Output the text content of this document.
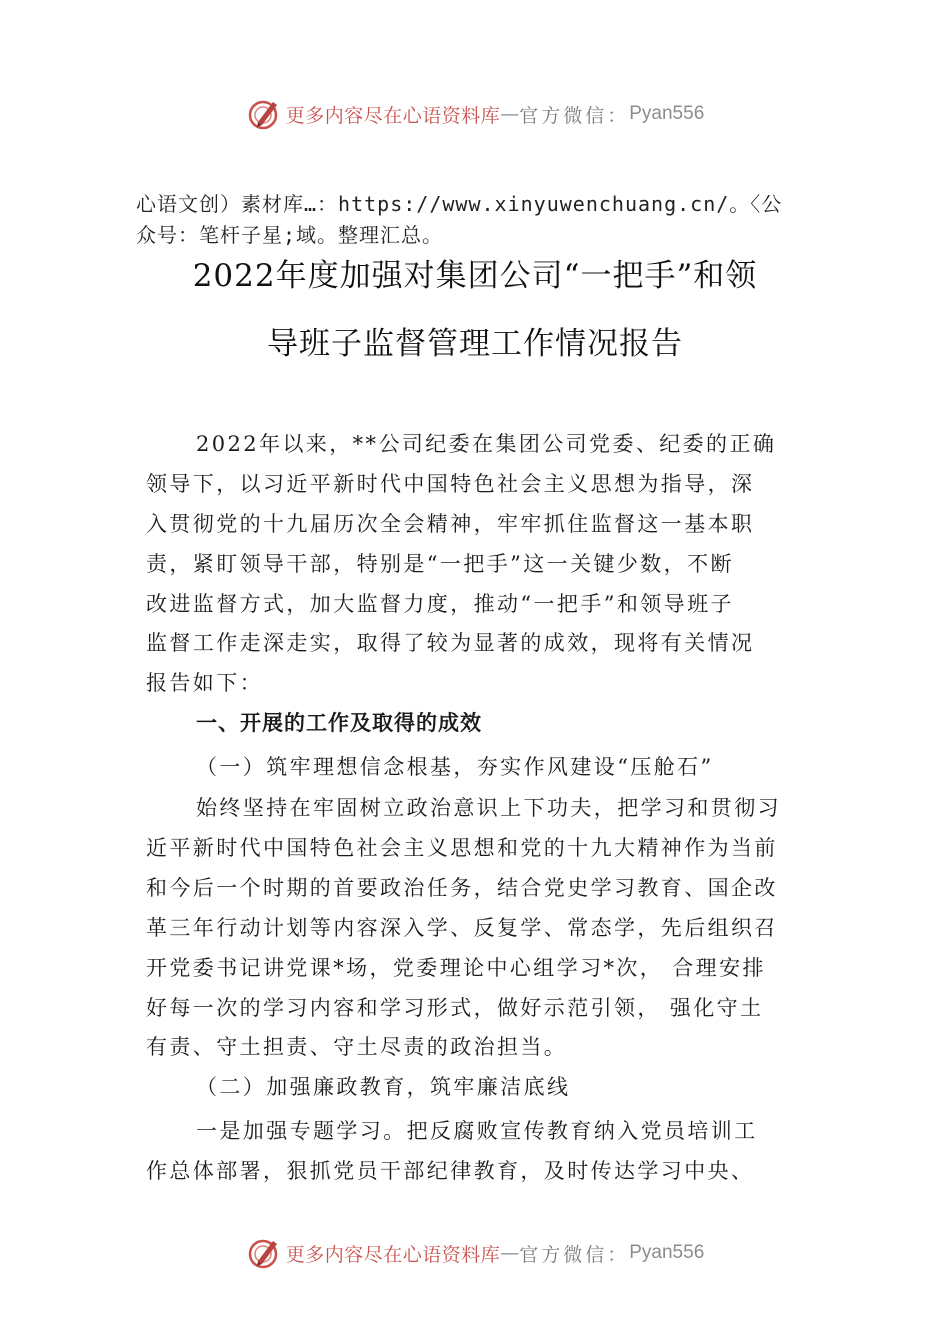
更多内容尽在心语资料库 — 官方微信： Pyan556
心语文创）素材库…：https://www.xinyuwenchuang.cn/。〈公
众号：笔杆子星;域。整理汇总。
2022年度加强对集团公司“一把手”和领
导班子监督管理工作情况报告
2022年以来，**公司纪委在集团公司党委、纪委的正确
领导下，以习近平新时代中国特色社会主义思想为指导，深
入贯彻党的十九届历次全会精神，牢牢抓住监督这一基本职
责，紧盯领导干部，特别是“一把手”这一关键少数，不断
改进监督方式，加大监督力度，推动“一把手”和领导班子
监督工作走深走实，取得了较为显著的成效，现将有关情况
报告如下：
一、开展的工作及取得的成效
（一）筑牢理想信念根基，夯实作风建设“压舱石”
始终坚持在牢固树立政治意识上下功夫，把学习和贯彻习
近平新时代中国特色社会主义思想和党的十九大精神作为当前
和今后一个时期的首要政治任务，结合党史学习教育、国企改
革三年行动计划等内容深入学、反复学、常态学，先后组织召
开党委书记讲党课*场，党委理论中心组学习*次， 合理安排
好每一次的学习内容和学习形式，做好示范引领， 强化守土
有责、守土担责、守土尽责的政治担当。
（二）加强廉政教育，筑牢廉洁底线
一是加强专题学习。把反腐败宣传教育纳入党员培训工
作总体部署，狠抓党员干部纪律教育，及时传达学习中央、
更多内容尽在心语资料库 — 官方微信： Pyan556
